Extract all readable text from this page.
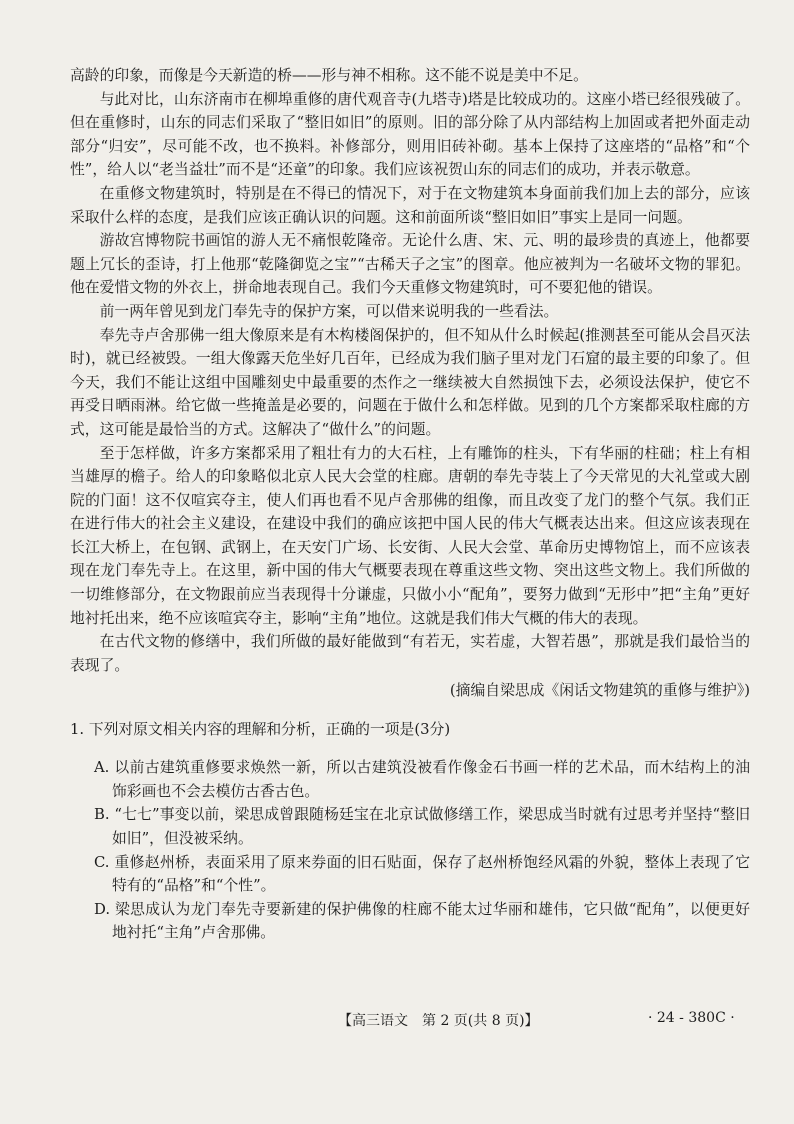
高龄的印象，而像是今天新造的桥——形与神不相称。这不能不说是美中不足。

与此对比，山东济南市在柳埠重修的唐代观音寺(九塔寺)塔是比较成功的。这座小塔已经很残破了。但在重修时，山东的同志们采取了“整旧如旧”的原则。旧的部分除了从内部结构上加固或者把外面走动部分“归安”，尽可能不改，也不换料。补修部分，则用旧砖补砌。基本上保持了这座塔的“品格”和“个性”，给人以“老当益壮”而不是“还童”的印象。我们应该祝贺山东的同志们的成功，并表示敬意。

在重修文物建筑时，特别是在不得已的情况下，对于在文物建筑本身面前我们加上去的部分，应该采取什么样的态度，是我们应该正确认识的问题。这和前面所谈“整旧如旧”事实上是同一问题。

游故宫博物院书画馆的游人无不痛恨乾隆帝。无论什么唐、宋、元、明的最珍贵的真迹上，他都要题上冗长的歪诗，打上他那“乾隆御览之宝”“古稀天子之宝”的图章。他应被判为一名破坏文物的罪犯。他在爱惜文物的外衣上，拼命地表现自己。我们今天重修文物建筑时，可不要犯他的错误。

前一两年曾见到龙门奉先寺的保护方案，可以借来说明我的一些看法。

奉先寺卢舍那佛一组大像原来是有木构楼阁保护的，但不知从什么时候起(推测甚至可能从会昌灭法时)，就已经被毁。一组大像露天危坐好几百年，已经成为我们脑子里对龙门石窟的最主要的印象了。但今天，我们不能让这组中国雕刻史中最重要的杰作之一继续被大自然损蚀下去，必须设法保护，使它不再受日晒雨淋。给它做一些掩盖是必要的，问题在于做什么和怎样做。见到的几个方案都采取柱廊的方式，这可能是最恰当的方式。这解决了“做什么”的问题。

至于怎样做，许多方案都采用了粗壮有力的大石柱，上有雕饰的柱头，下有华丽的柱础；柱上有相当雄厚的檐子。给人的印象略似北京人民大会堂的柱廊。唐朝的奉先寺装上了今天常见的大礼堂或大剧院的门面！这不仅喧宾夺主，使人们再也看不见卢舍那佛的组像，而且改变了龙门的整个气氛。我们正在进行伟大的社会主义建设，在建设中我们的确应该把中国人民的伟大气概表达出来。但这应该表现在长江大桥上，在包钢、武钢上，在天安门广场、长安街、人民大会堂、革命历史博物馆上，而不应该表现在龙门奉先寺上。在这里，新中国的伟大气概要表现在尊重这些文物、突出这些文物上。我们所做的一切维修部分，在文物跟前应当表现得十分谦虚，只做小小“配角”，要努力做到“无形中”把“主角”更好地衬托出来，绝不应该喧宾夺主，影响“主角”地位。这就是我们伟大气概的伟大的表现。

在古代文物的修缮中，我们所做的最好能做到“有若无，实若虚，大智若愚”，那就是我们最恰当的表现了。

(摘编自梁思成《闲话文物建筑的重修与维护》)

1. 下列对原文相关内容的理解和分析，正确的一项是(3分)

A. 以前古建筑重修要求焕然一新，所以古建筑没被看作像金石书画一样的艺术品，而木结构上的油饰彩画也不会去模仿古香古色。

B. “七七”事变以前，梁思成曾跟随杨廷宝在北京试做修缮工作，梁思成当时就有过思考并坚持“整旧如旧”，但没被采纳。

C. 重修赵州桥，表面采用了原来券面的旧石贴面，保存了赵州桥饱经风霜的外貌，整体上表现了它特有的“品格”和“个性”。

D. 梁思成认为龙门奉先寺要新建的保护佛像的柱廊不能太过华丽和雄伟，它只做“配角”，以便更好地衬托“主角”卢舍那佛。

【高三语文　第 2 页(共 8 页)】	· 24 - 380C ·
